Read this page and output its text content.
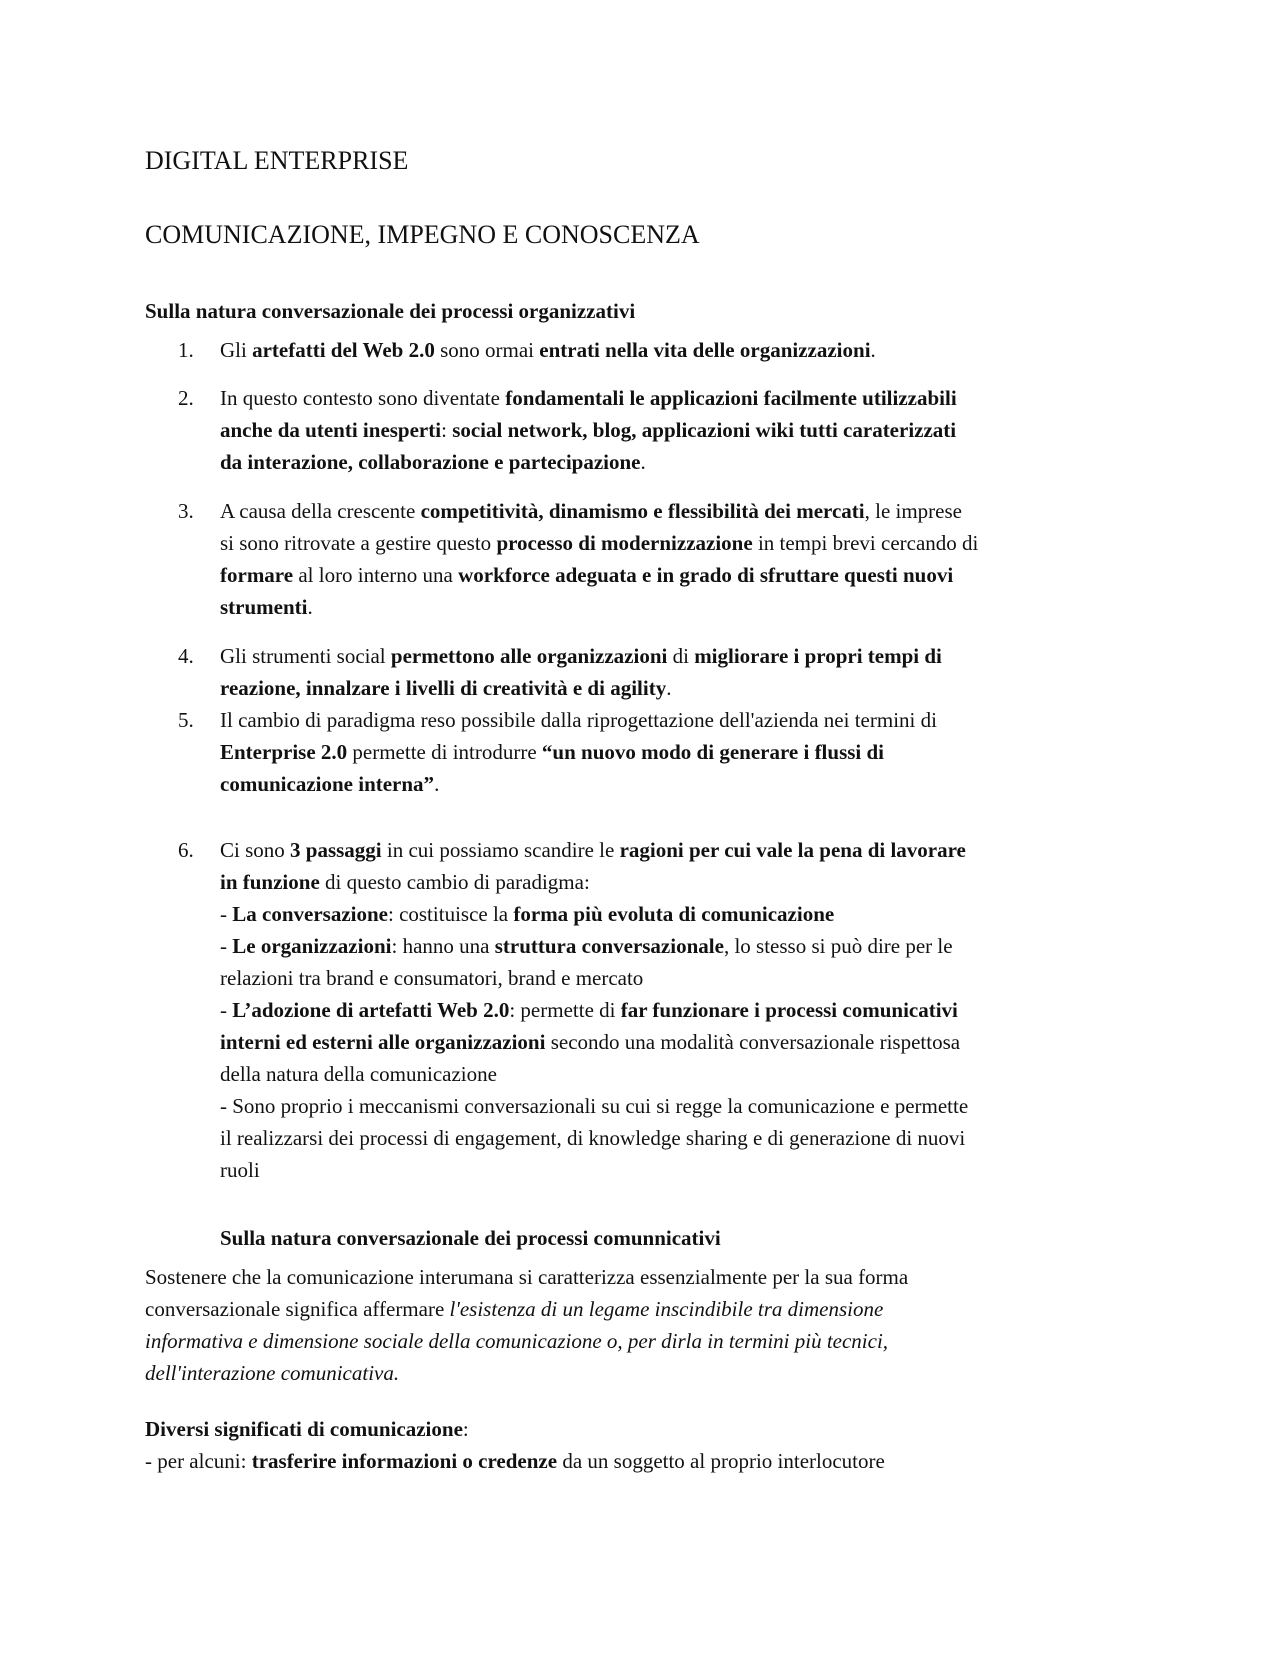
DIGITAL ENTERPRISE
COMUNICAZIONE, IMPEGNO E CONOSCENZA
Sulla natura conversazionale dei processi organizzativi
1.	Gli artefatti del Web 2.0 sono ormai entrati nella vita delle organizzazioni.
2.	In questo contesto sono diventate fondamentali le applicazioni facilmente utilizzabili
anche da utenti inesperti: social network, blog, applicazioni wiki tutti caraterizzati
da interazione, collaborazione e partecipazione.
3.	A causa della crescente competitività, dinamismo e flessibilità dei mercati, le imprese
si sono ritrovate a gestire questo processo di modernizzazione in tempi brevi cercando di
formare al loro interno una workforce adeguata e in grado di sfruttare questi nuovi
strumenti.
4.	Gli strumenti social permettono alle organizzazioni di migliorare i propri tempi di
reazione, innalzare i livelli di creatività e di agility.
5.	Il cambio di paradigma reso possibile dalla riprogettazione dell'azienda nei termini di
Enterprise 2.0 permette di introdurre “un nuovo modo di generare i flussi di
comunicazione interna”.
6.	Ci sono 3 passaggi in cui possiamo scandire le ragioni per cui vale la pena di lavorare
in funzione di questo cambio di paradigma:
- La conversazione: costituisce la forma più evoluta di comunicazione
- Le organizzazioni: hanno una struttura conversazionale, lo stesso si può dire per le
relazioni tra brand e consumatori, brand e mercato
- L’adozione di artefatti Web 2.0: permette di far funzionare i processi comunicativi
interni ed esterni alle organizzazioni secondo una modalità conversazionale rispettosa
della natura della comunicazione
- Sono proprio i meccanismi conversazionali su cui si regge la comunicazione e permette
il realizzarsi dei processi di engagement, di knowledge sharing e di generazione di nuovi
ruoli
Sulla natura conversazionale dei processi comunnicativi
Sostenere che la comunicazione interumana si caratterizza essenzialmente per la sua forma
conversazionale significa affermare l'esistenza di un legame inscindibile tra dimensione
informativa e dimensione sociale della comunicazione o, per dirla in termini più tecnici,
dell'interazione comunicativa.
Diversi significati di comunicazione:
- per alcuni: trasferire informazioni o credenze da un soggetto al proprio interlocutore
